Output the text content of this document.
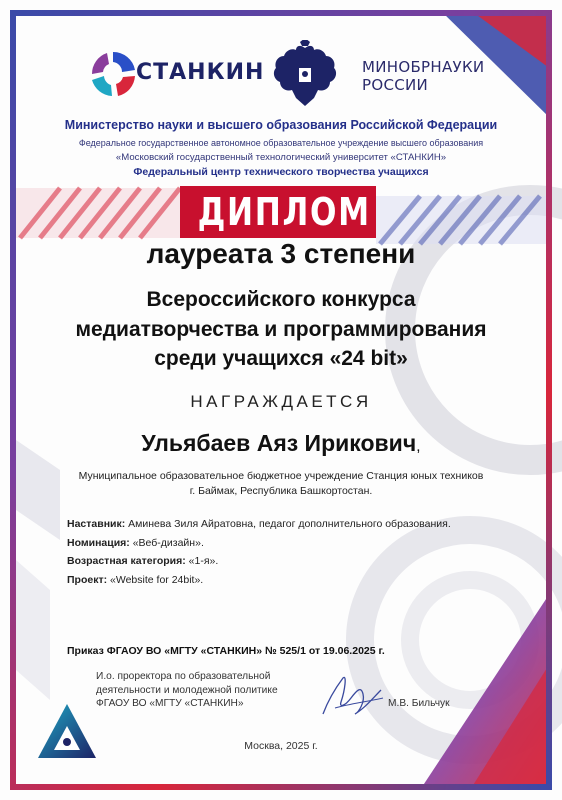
СТАНКИН	МИНОБРНАУКИ
РОССИИ
Министерство науки и высшего образования Российской Федерации
Федеральное государственное автономное образовательное учреждение высшего образования
«Московский государственный технологический университет «СТАНКИН»
Федеральный центр технического творчества учащихся
ДИПЛОМ
лауреата 3 степени
Всероссийского конкурса
медиатворчества и программирования
среди учащихся «24 bit»
НАГРАЖДАЕТСЯ
Ульябаев Аяз Ирикович,
Муниципальное образовательное бюджетное учреждение Станция юных техников
г. Баймак, Республика Башкортостан.
Наставник: Аминева Зиля Айратовна, педагог дополнительного образования.
Номинация: «Веб-дизайн».
Возрастная категория: «1-я».
Проект: «Website for 24bit».
Приказ ФГАОУ ВО «МГТУ «СТАНКИН» № 525/1 от 19.06.2025 г.
И.о. проректора по образовательной
деятельности и молодежной политике
ФГАОУ ВО «МГТУ «СТАНКИН»	М.В. Бильчук
Москва, 2025 г.
